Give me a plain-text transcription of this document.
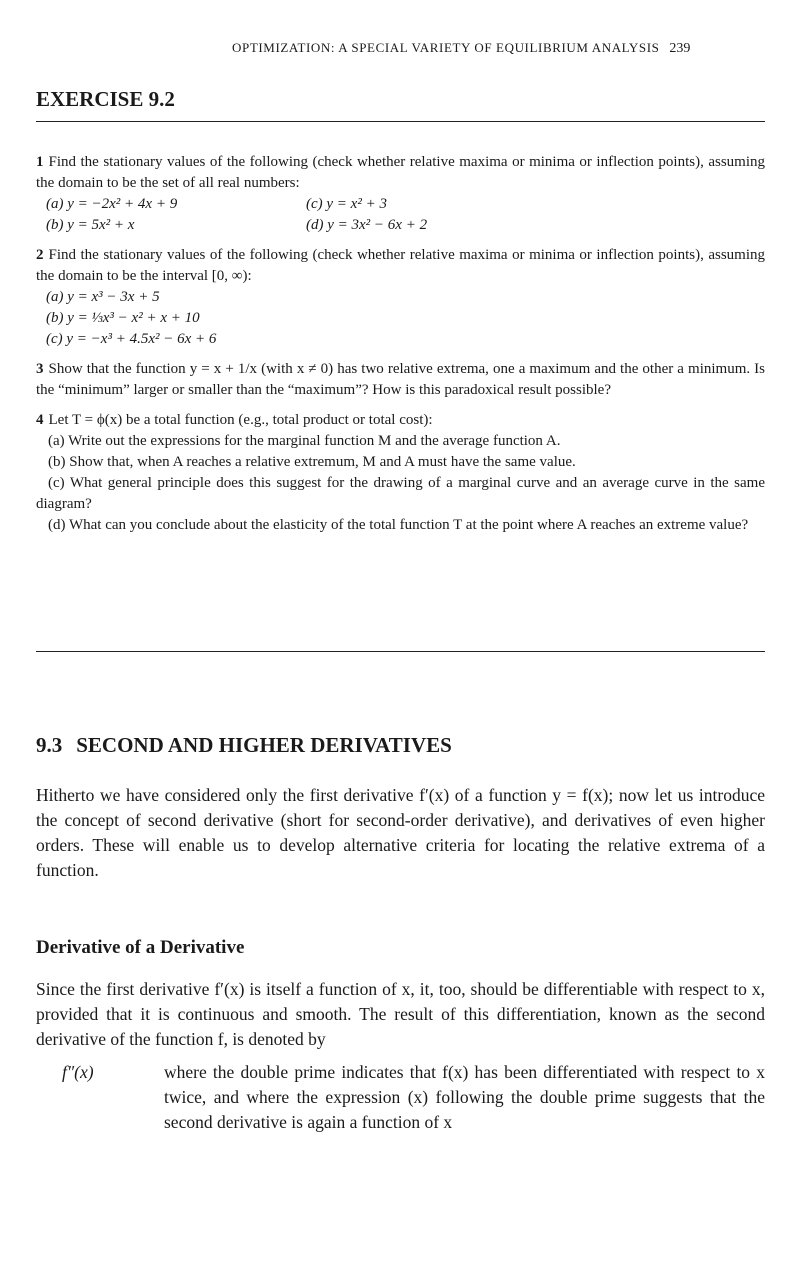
OPTIMIZATION: A SPECIAL VARIETY OF EQUILIBRIUM ANALYSIS 239
EXERCISE 9.2
1 Find the stationary values of the following (check whether relative maxima or minima or inflection points), assuming the domain to be the set of all real numbers:
(a) y = −2x² + 4x + 9	(c) y = x² + 3
(b) y = 5x² + x	(d) y = 3x² − 6x + 2
2 Find the stationary values of the following (check whether relative maxima or minima or inflection points), assuming the domain to be the interval [0, ∞):
(a) y = x³ − 3x + 5
(b) y = ⅓x³ − x² + x + 10
(c) y = −x³ + 4.5x² − 6x + 6
3 Show that the function y = x + 1/x (with x ≠ 0) has two relative extrema, one a maximum and the other a minimum. Is the “minimum” larger or smaller than the “maximum”? How is this paradoxical result possible?
4 Let T = ϕ(x) be a total function (e.g., total product or total cost):
(a) Write out the expressions for the marginal function M and the average function A.
(b) Show that, when A reaches a relative extremum, M and A must have the same value.
(c) What general principle does this suggest for the drawing of a marginal curve and an average curve in the same diagram?
(d) What can you conclude about the elasticity of the total function T at the point where A reaches an extreme value?
9.3 SECOND AND HIGHER DERIVATIVES
Hitherto we have considered only the first derivative f′(x) of a function y = f(x); now let us introduce the concept of second derivative (short for second-order derivative), and derivatives of even higher orders. These will enable us to develop alternative criteria for locating the relative extrema of a function.
Derivative of a Derivative
Since the first derivative f′(x) is itself a function of x, it, too, should be differentiable with respect to x, provided that it is continuous and smooth. The result of this differentiation, known as the second derivative of the function f, is denoted by
f″(x)	where the double prime indicates that f(x) has been differentiated with respect to x twice, and where the expression (x) following the double prime suggests that the second derivative is again a function of x
